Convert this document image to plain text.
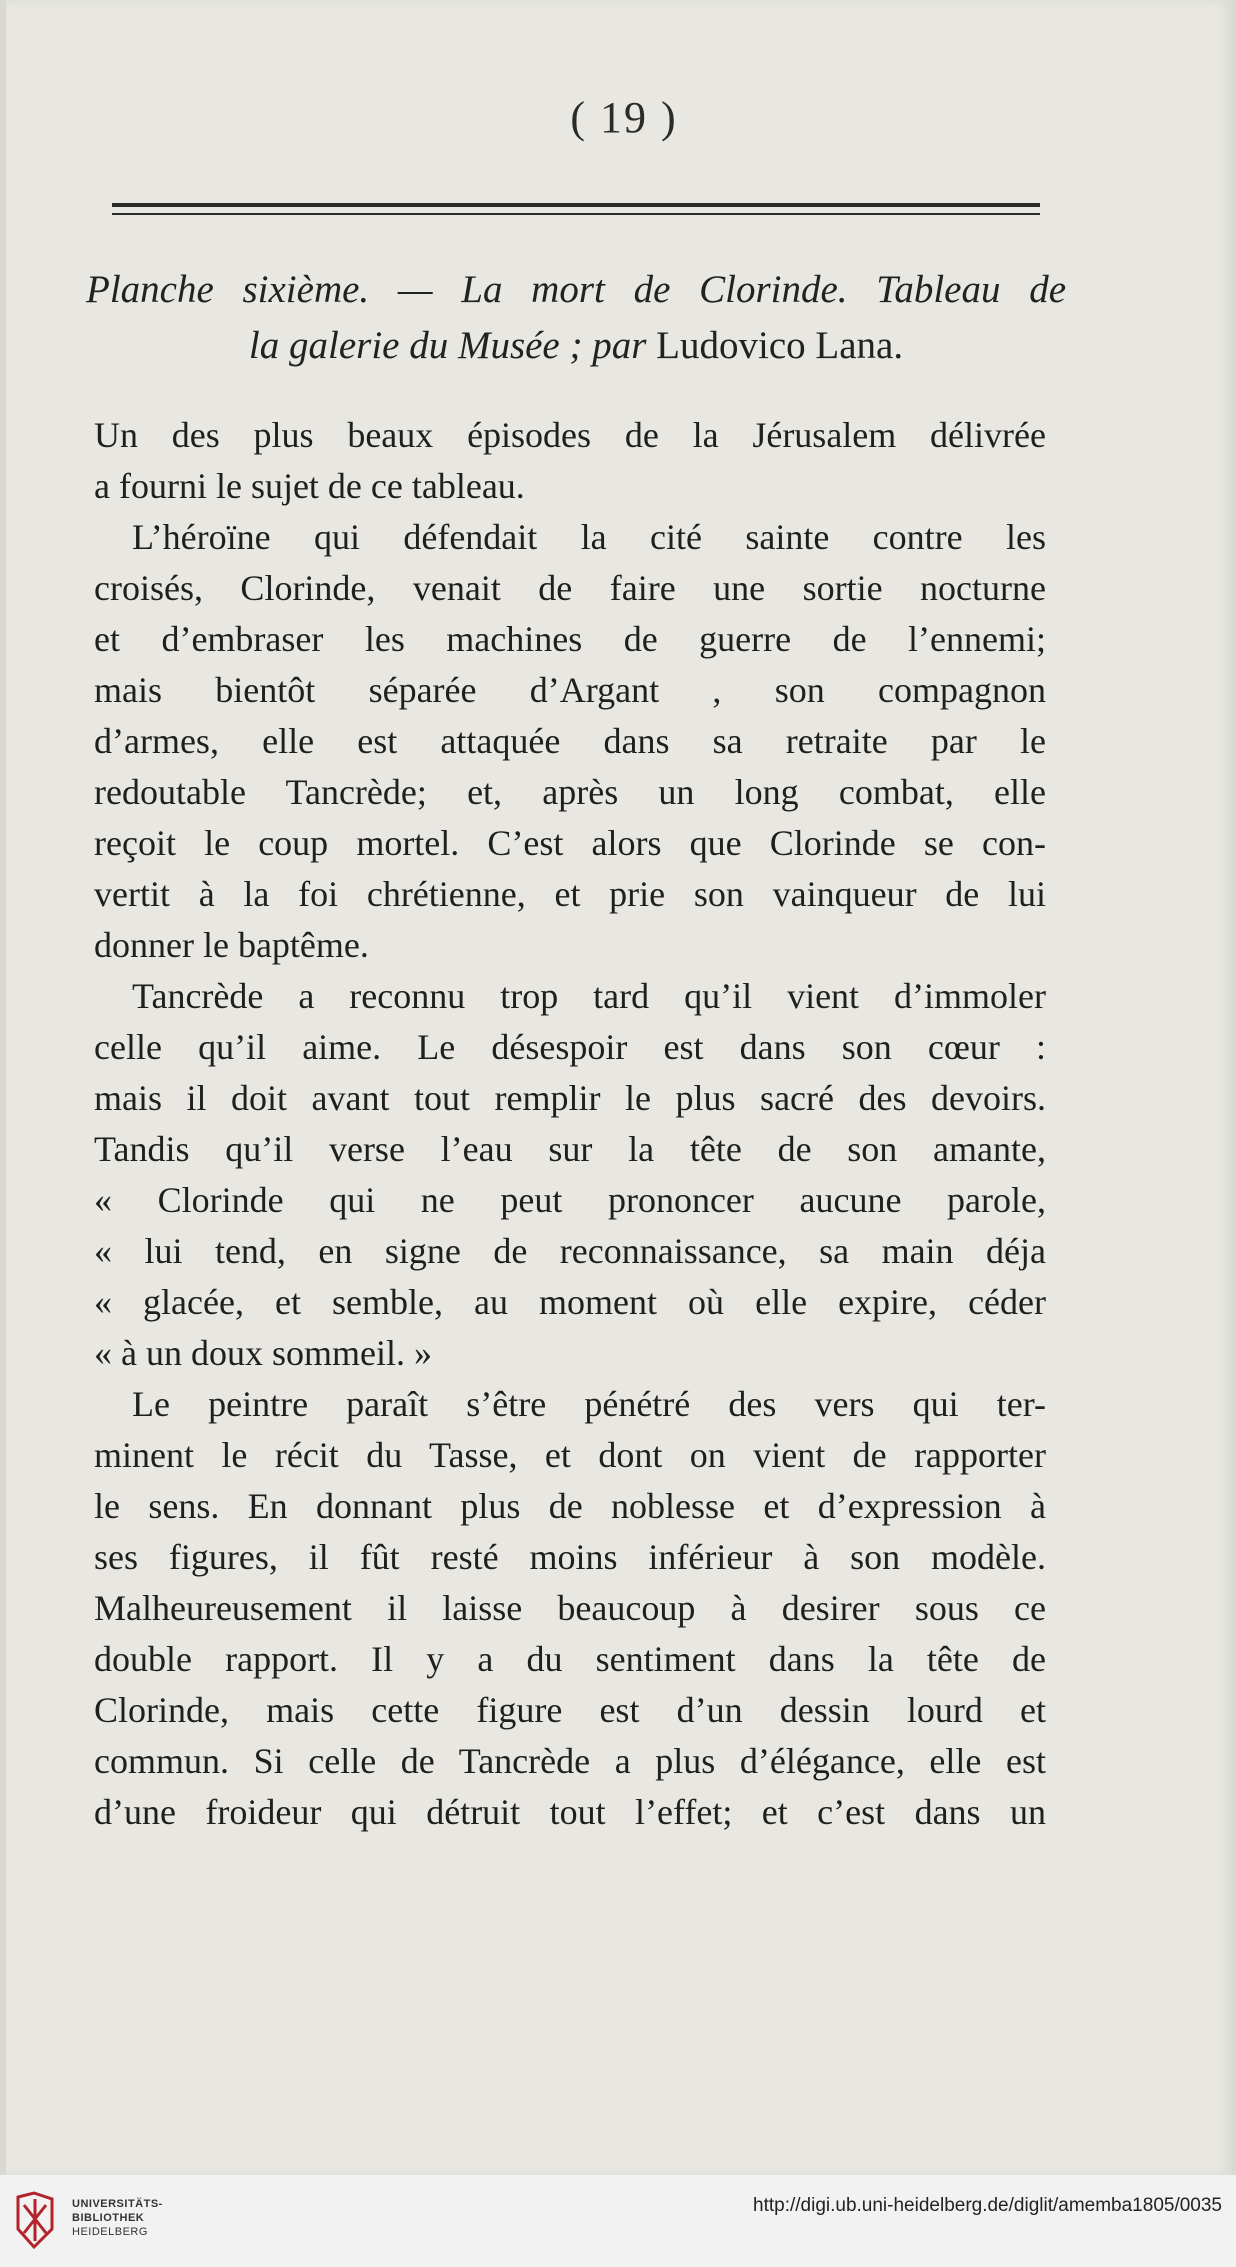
( 19 )
Planche sixième. — La mort de Clorinde. Tableau de
la galerie du Musée ; par Ludovico Lana.
Un des plus beaux épisodes de la Jérusalem délivrée
a fourni le sujet de ce tableau.
L’héroïne qui défendait la cité sainte contre les
croisés, Clorinde, venait de faire une sortie nocturne
et d’embraser les machines de guerre de l’ennemi;
mais bientôt séparée d’Argant , son compagnon
d’armes, elle est attaquée dans sa retraite par le
redoutable Tancrède; et, après un long combat, elle
reçoit le coup mortel. C’est alors que Clorinde se con-
vertit à la foi chrétienne, et prie son vainqueur de lui
donner le baptême.
Tancrède a reconnu trop tard qu’il vient d’immoler
celle qu’il aime. Le désespoir est dans son cœur :
mais il doit avant tout remplir le plus sacré des devoirs.
Tandis qu’il verse l’eau sur la tête de son amante,
« Clorinde qui ne peut prononcer aucune parole,
« lui tend, en signe de reconnaissance, sa main déja
« glacée, et semble, au moment où elle expire, céder
« à un doux sommeil. »
Le peintre paraît s’être pénétré des vers qui ter-
minent le récit du Tasse, et dont on vient de rapporter
le sens. En donnant plus de noblesse et d’expression à
ses figures, il fût resté moins inférieur à son modèle.
Malheureusement il laisse beaucoup à desirer sous ce
double rapport. Il y a du sentiment dans la tête de
Clorinde, mais cette figure est d’un dessin lourd et
commun. Si celle de Tancrède a plus d’élégance, elle est
d’une froideur qui détruit tout l’effet; et c’est dans un
UNIVERSITÄTS-
BIBLIOTHEK
HEIDELBERG
http://digi.ub.uni-heidelberg.de/diglit/amemba1805/0035
